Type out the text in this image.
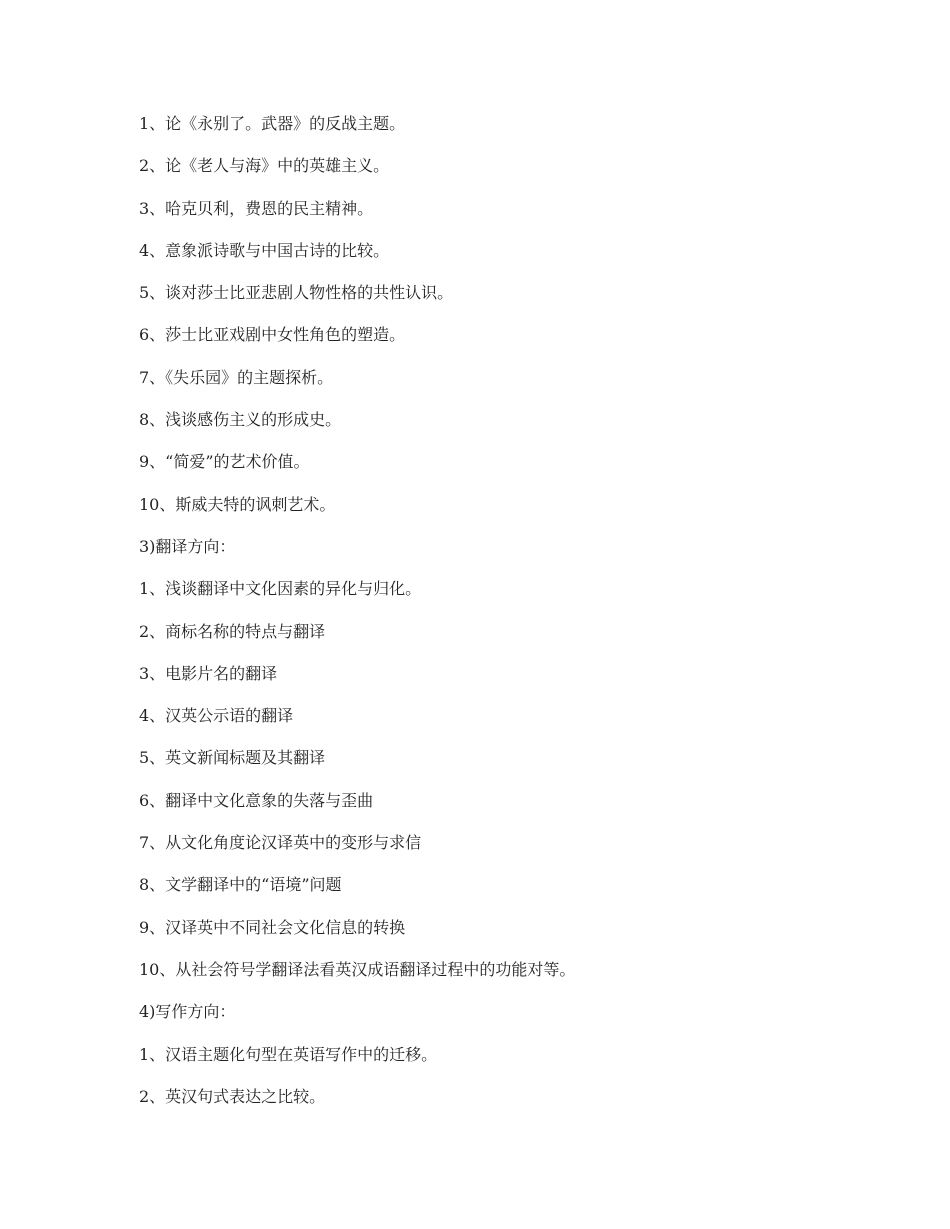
1、论《永别了。武器》的反战主题。
2、论《老人与海》中的英雄主义。
3、哈克贝利，费恩的民主精神。
4、意象派诗歌与中国古诗的比较。
5、谈对莎士比亚悲剧人物性格的共性认识。
6、莎士比亚戏剧中女性角色的塑造。
7、《失乐园》的主题探析。
8、浅谈感伤主义的形成史。
9、“简爱”的艺术价值。
10、斯威夫特的讽刺艺术。
3)翻译方向：
1、浅谈翻译中文化因素的异化与归化。
2、商标名称的特点与翻译
3、电影片名的翻译
4、汉英公示语的翻译
5、英文新闻标题及其翻译
6、翻译中文化意象的失落与歪曲
7、从文化角度论汉译英中的变形与求信
8、文学翻译中的“语境”问题
9、汉译英中不同社会文化信息的转换
10、从社会符号学翻译法看英汉成语翻译过程中的功能对等。
4)写作方向：
1、汉语主题化句型在英语写作中的迁移。
2、英汉句式表达之比较。
